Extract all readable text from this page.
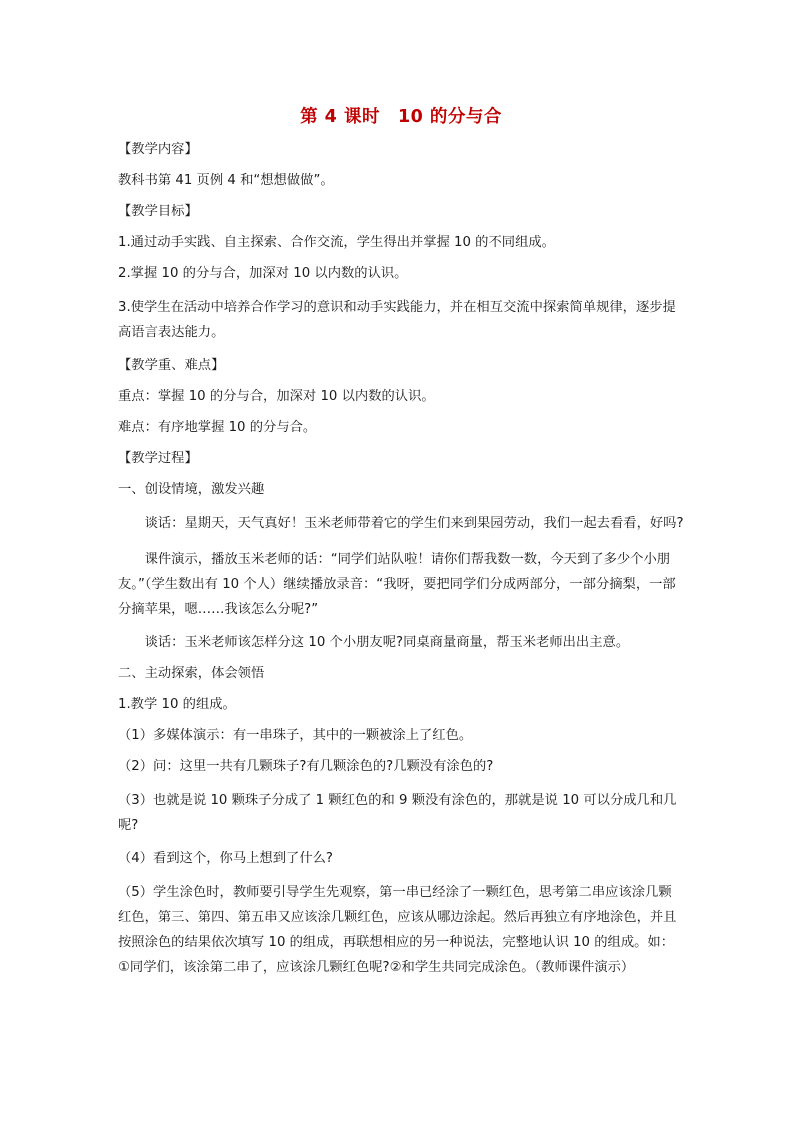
第 4 课时　10 的分与合
【教学内容】
教科书第 41 页例 4 和“想想做做”。
【教学目标】
1.通过动手实践、自主探索、合作交流，学生得出并掌握 10 的不同组成。
2.掌握 10 的分与合，加深对 10 以内数的认识。
3.使学生在活动中培养合作学习的意识和动手实践能力，并在相互交流中探索简单规律，逐步提高语言表达能力。
【教学重、难点】
重点：掌握 10 的分与合，加深对 10 以内数的认识。
难点：有序地掌握 10 的分与合。
【教学过程】
一、创设情境，激发兴趣
谈话：星期天，天气真好！玉米老师带着它的学生们来到果园劳动，我们一起去看看，好吗?
课件演示，播放玉米老师的话：“同学们站队啦！请你们帮我数一数，今天到了多少个小朋友。”（学生数出有 10 个人）继续播放录音：“我呀，要把同学们分成两部分，一部分摘梨，一部分摘苹果，嗯……我该怎么分呢?”
谈话：玉米老师该怎样分这 10 个小朋友呢?同桌商量商量，帮玉米老师出出主意。
二、主动探索，体会领悟
1.教学 10 的组成。
（1）多媒体演示：有一串珠子，其中的一颗被涂上了红色。
（2）问：这里一共有几颗珠子?有几颗涂色的?几颗没有涂色的?
（3）也就是说 10 颗珠子分成了 1 颗红色的和 9 颗没有涂色的，那就是说 10 可以分成几和几呢?
（4）看到这个，你马上想到了什么?
（5）学生涂色时，教师要引导学生先观察，第一串已经涂了一颗红色，思考第二串应该涂几颗红色，第三、第四、第五串又应该涂几颗红色，应该从哪边涂起。然后再独立有序地涂色，并且按照涂色的结果依次填写 10 的组成，再联想相应的另一种说法，完整地认识 10 的组成。如：①同学们，该涂第二串了，应该涂几颗红色呢?②和学生共同完成涂色。（教师课件演示）
